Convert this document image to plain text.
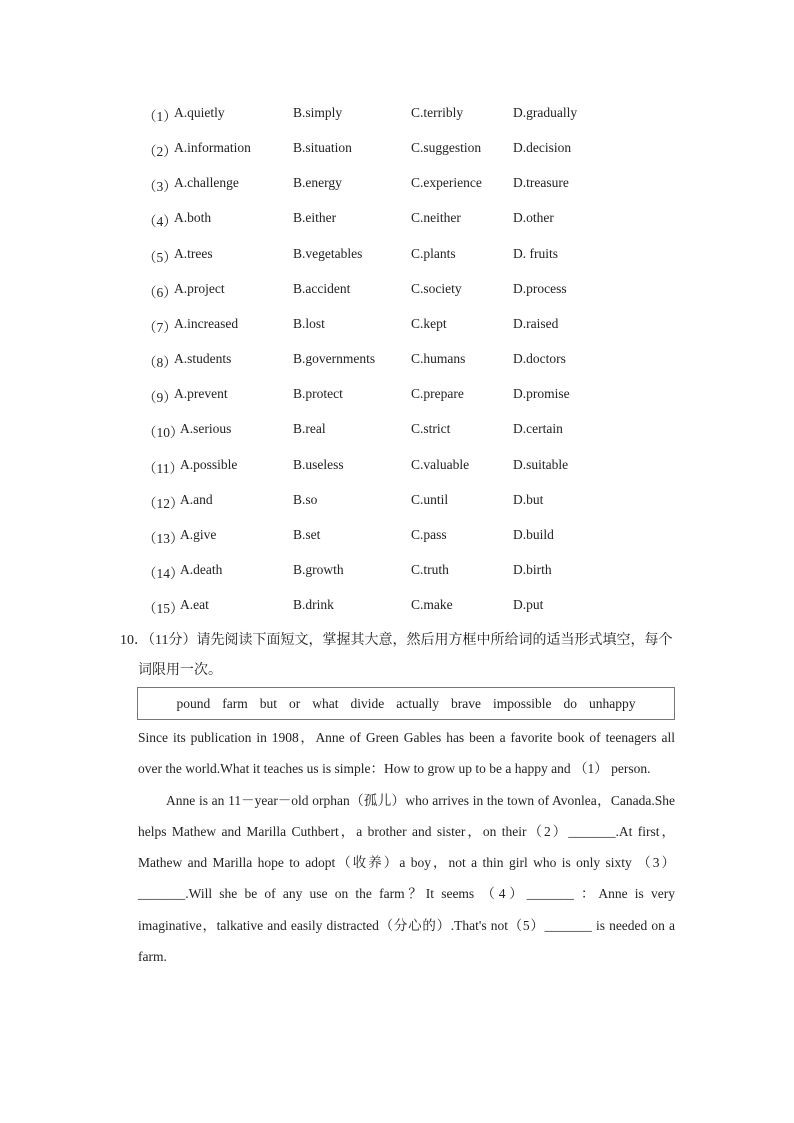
（1）
A.quietly	B.simply	C.terribly	D.gradually
（2）
A.information	B.situation	C.suggestion D.decision
（3）
A.challenge	B.energy	C.experience D.treasure
（4）
A.both	B.either	C.neither	D.other
（5）
A.trees	B.vegetables	C.plants	D. fruits
（6）
A.project	B.accident	C.society	D.process
（7）
A.increased	B.lost	C.kept	D.raised
（8）
A.students	B.governments	C.humans	D.doctors
（9）
A.prevent	B.protect	C.prepare	D.promise
（10）
A.serious	B.real	C.strict	D.certain
（11）
A.possible	B.useless	C.valuable	D.suitable
（12）
A.and	B.so	C.until	D.but
（13）
A.give	B.set	C.pass	D.build
（14）
A.death	B.growth	C.truth	D.birth
（15）
A.eat	B.drink	C.make	D.put
10．（11分）请先阅读下面短文，掌握其大意，然后用方框中所给词的适当形式填空，每个
词限用一次。
pound farm but or what divide actually brave impossible do unhappy

Since its publication in 1908，Anne of Green Gables has been a favorite book of teenagers all over the world.What it teaches us is simple：How to grow up to be a happy and （1） person.

Anne is an 11－year－old orphan（孤儿）who arrives in the town of Avonlea，Canada.She helps Mathew and Marilla Cuthbert，a brother and sister，on their（2）_______.At first，Mathew and Marilla hope to adopt（收养）a boy，not a thin girl who is only sixty （3）_______.Will she be of any use on the farm？It seems （4）_______ ：Anne is very imaginative，talkative and easily distracted（分心的）.That's not（5）_______ is needed on a farm.
